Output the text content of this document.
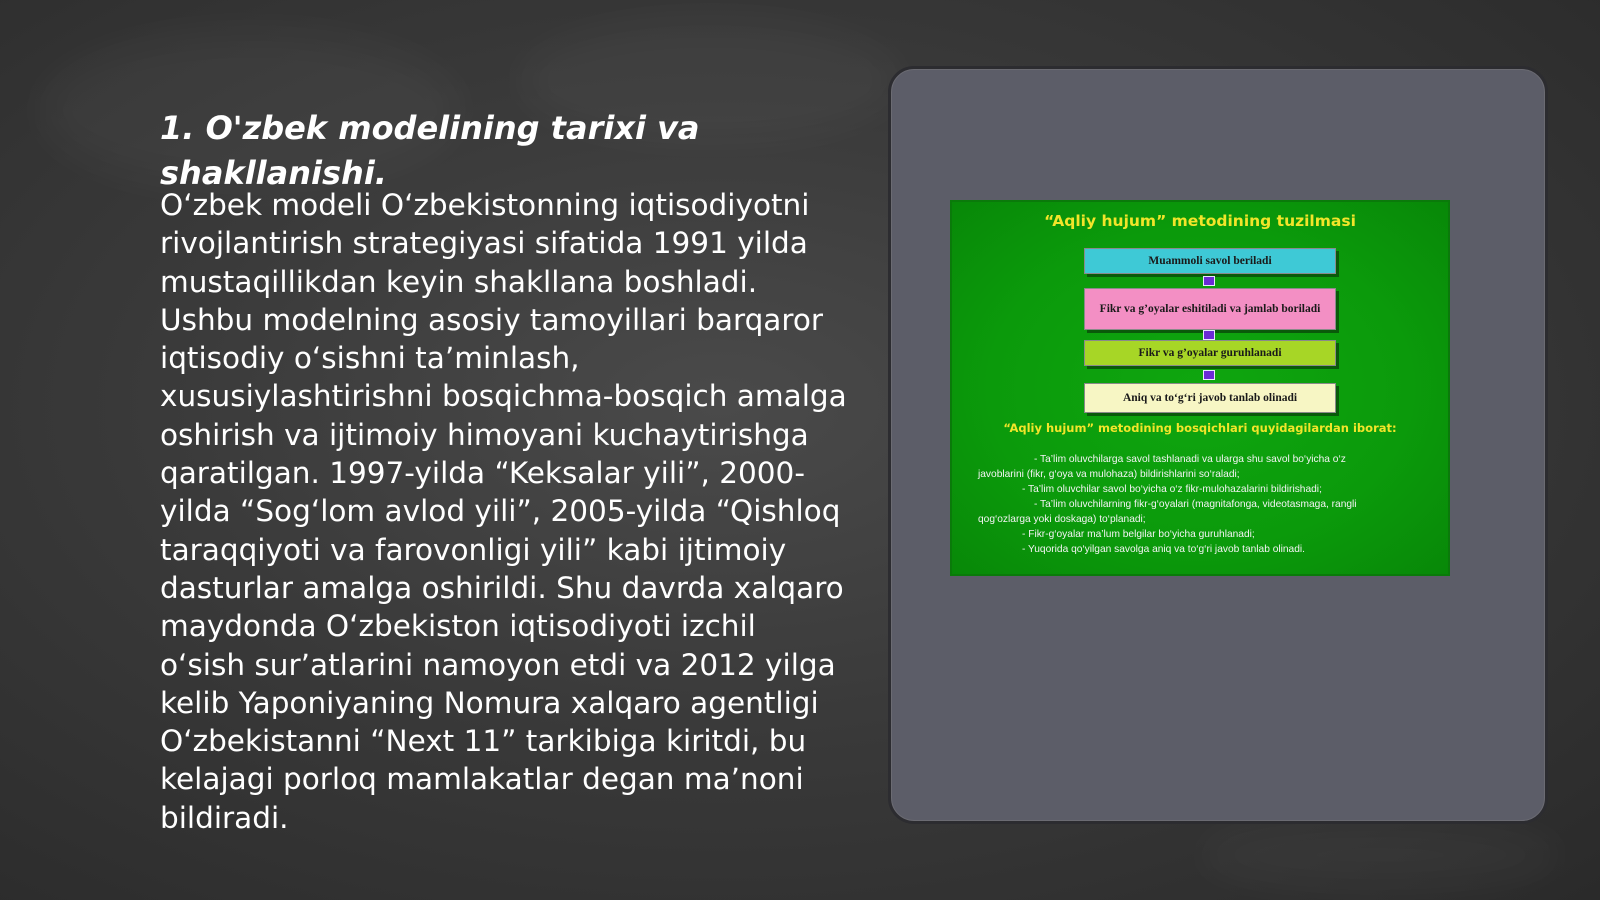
1. O'zbek modelining tarixi va shakllanishi.

O‘zbek modeli O‘zbekistonning iqtisodiyotni rivojlantirish strategiyasi sifatida 1991 yilda mustaqillikdan keyin shakllana boshladi. Ushbu modelning asosiy tamoyillari barqaror iqtisodiy o‘sishni ta’minlash, xususiylashtirishni bosqichma-bosqich amalga oshirish va ijtimoiy himoyani kuchaytirishga qaratilgan. 1997-yilda “Keksalar yili”, 2000-yilda “Sog‘lom avlod yili”, 2005-yilda “Qishloq taraqqiyoti va farovonligi yili” kabi ijtimoiy dasturlar amalga oshirildi. Shu davrda xalqaro maydonda O‘zbekiston iqtisodiyoti izchil o‘sish sur’atlarini namoyon etdi va 2012 yilga kelib Yaponiyaning Nomura xalqaro agentligi O‘zbekistanni “Next 11” tarkibiga kiritdi, bu kelajagi porloq mamlakatlar degan ma’noni bildiradi.

“Aqliy hujum” metodining tuzilmasi
Muammoli savol beriladi
Fikr va g’oyalar eshitiladi va jamlab boriladi
Fikr va g’oyalar guruhlanadi
Aniq va to‘g‘ri javob tanlab olinadi
“Aqliy hujum” metodining bosqichlari quyidagilardan iborat:
- Ta’lim oluvchilarga savol tashlanadi va ularga shu savol bo‘yicha o‘z
javoblarini (fikr, g‘oya va mulohaza) bildirishlarini so‘raladi;
- Ta’lim oluvchilar savol bo‘yicha o‘z fikr-mulohazalarini bildirishadi;
- Ta’lim oluvchilarning fikr-g‘oyalari (magnitafonga, videotasmaga, rangli
qog‘ozlarga yoki doskaga) to‘planadi;
- Fikr-g‘oyalar ma’lum belgilar bo‘yicha guruhlanadi;
- Yuqorida qo‘yilgan savolga aniq va to‘g‘ri javob tanlab olinadi.
